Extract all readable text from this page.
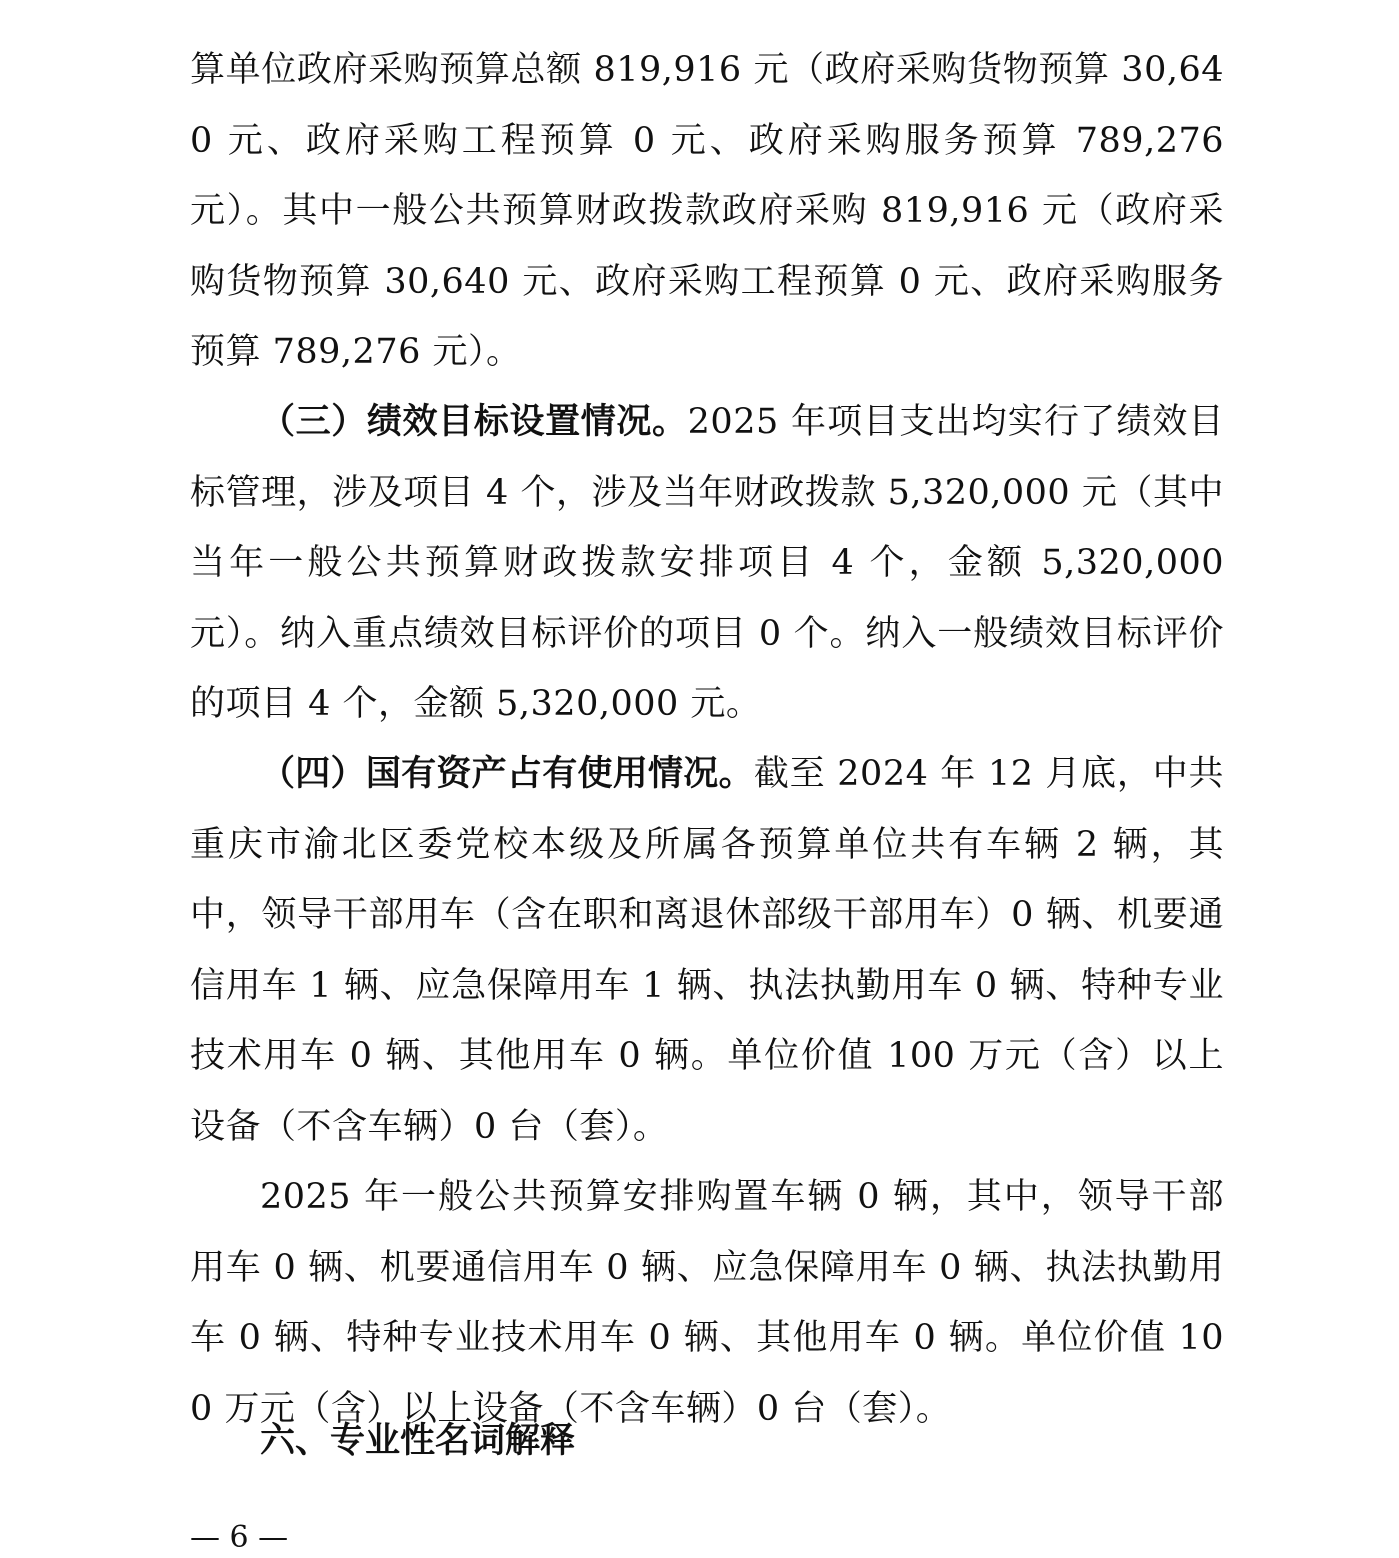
算单位政府采购预算总额 819,916 元（政府采购货物预算 30,640 元、政府采购工程预算 0 元、政府采购服务预算 789,276 元）。其中一般公共预算财政拨款政府采购 819,916 元（政府采购货物预算 30,640 元、政府采购工程预算 0 元、政府采购服务预算 789,276 元）。

（三）绩效目标设置情况。2025 年项目支出均实行了绩效目标管理，涉及项目 4 个，涉及当年财政拨款 5,320,000 元（其中当年一般公共预算财政拨款安排项目 4 个，金额 5,320,000 元）。纳入重点绩效目标评价的项目 0 个。纳入一般绩效目标评价的项目 4 个，金额 5,320,000 元。

（四）国有资产占有使用情况。截至 2024 年 12 月底，中共重庆市渝北区委党校本级及所属各预算单位共有车辆 2 辆，其中，领导干部用车（含在职和离退休部级干部用车）0 辆、机要通信用车 1 辆、应急保障用车 1 辆、执法执勤用车 0 辆、特种专业技术用车 0 辆、其他用车 0 辆。单位价值 100 万元（含）以上设备（不含车辆）0 台（套）。

2025 年一般公共预算安排购置车辆 0 辆，其中，领导干部用车 0 辆、机要通信用车 0 辆、应急保障用车 0 辆、执法执勤用车 0 辆、特种专业技术用车 0 辆、其他用车 0 辆。单位价值 100 万元（含）以上设备（不含车辆）0 台（套）。

六、专业性名词解释
— 6 —
